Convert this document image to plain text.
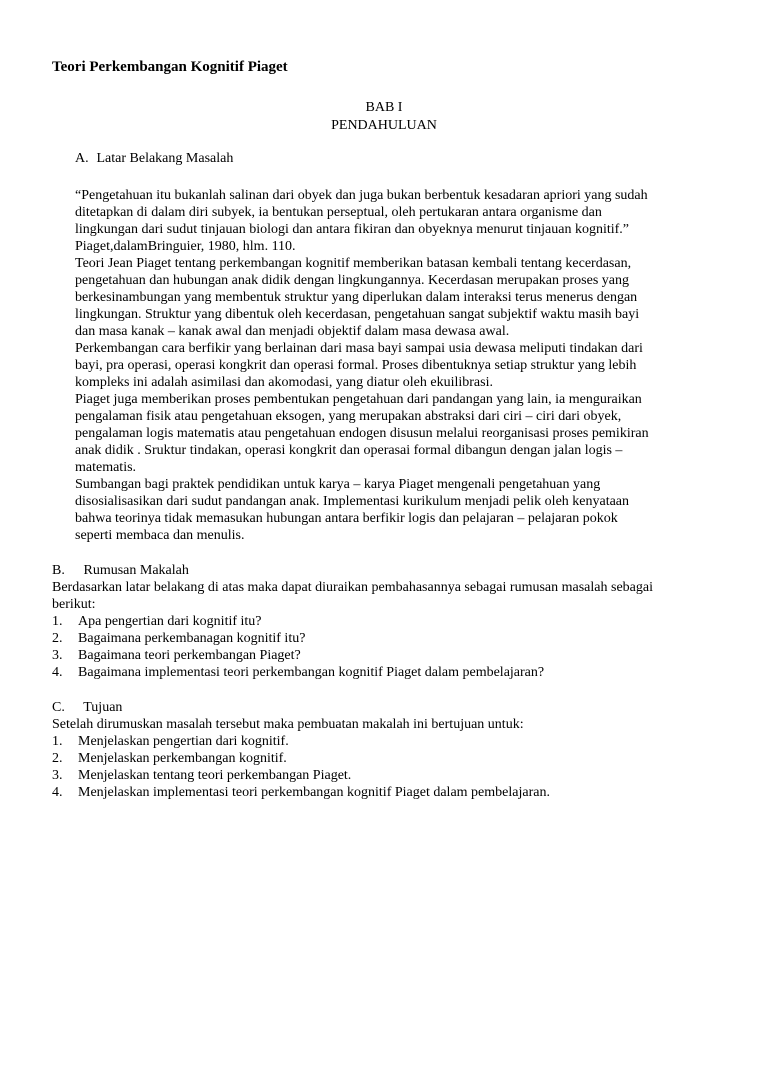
Teori Perkembangan Kognitif Piaget
BAB I
PENDAHULUAN
A. Latar Belakang Masalah
“Pengetahuan itu bukanlah salinan dari obyek dan juga bukan berbentuk kesadaran apriori yang sudah
ditetapkan di dalam diri subyek, ia bentukan perseptual, oleh pertukaran antara organisme dan
lingkungan dari sudut tinjauan biologi dan antara fikiran dan obyeknya menurut tinjauan kognitif.”
Piaget,dalamBringuier, 1980, hlm. 110.
Teori Jean Piaget tentang perkembangan kognitif memberikan batasan kembali tentang kecerdasan,
pengetahuan dan hubungan anak didik dengan lingkungannya. Kecerdasan merupakan proses yang
berkesinambungan yang membentuk struktur yang diperlukan dalam interaksi terus menerus dengan
lingkungan. Struktur yang dibentuk oleh kecerdasan, pengetahuan sangat subjektif waktu masih bayi
dan masa kanak – kanak awal dan menjadi objektif dalam masa dewasa awal.
Perkembangan cara berfikir yang berlainan dari masa bayi sampai usia dewasa meliputi tindakan dari
bayi, pra operasi, operasi kongkrit dan operasi formal. Proses dibentuknya setiap struktur yang lebih
kompleks ini adalah asimilasi dan akomodasi, yang diatur oleh ekuilibrasi.
Piaget juga memberikan proses pembentukan pengetahuan dari pandangan yang lain, ia menguraikan
pengalaman fisik atau pengetahuan eksogen, yang merupakan abstraksi dari ciri – ciri dari obyek,
pengalaman logis matematis atau pengetahuan endogen disusun melalui reorganisasi proses pemikiran
anak didik . Sruktur tindakan, operasi kongkrit dan operasai formal dibangun dengan jalan logis –
matematis.
Sumbangan bagi praktek pendidikan untuk karya – karya Piaget mengenali pengetahuan yang
disosialisasikan dari sudut pandangan anak. Implementasi kurikulum menjadi pelik oleh kenyataan
bahwa teorinya tidak memasukan hubungan antara berfikir logis dan pelajaran – pelajaran pokok
seperti membaca dan menulis.
B. Rumusan Makalah
Berdasarkan latar belakang di atas maka dapat diuraikan pembahasannya sebagai rumusan masalah sebagai
berikut:
1. Apa pengertian dari kognitif itu?
2. Bagaimana perkembanagan kognitif itu?
3. Bagaimana teori perkembangan Piaget?
4. Bagaimana implementasi teori perkembangan kognitif Piaget dalam pembelajaran?
C. Tujuan
Setelah dirumuskan masalah tersebut maka pembuatan makalah ini bertujuan untuk:
1. Menjelaskan pengertian dari kognitif.
2. Menjelaskan perkembangan kognitif.
3. Menjelaskan tentang teori perkembangan Piaget.
4. Menjelaskan implementasi teori perkembangan kognitif Piaget dalam pembelajaran.
